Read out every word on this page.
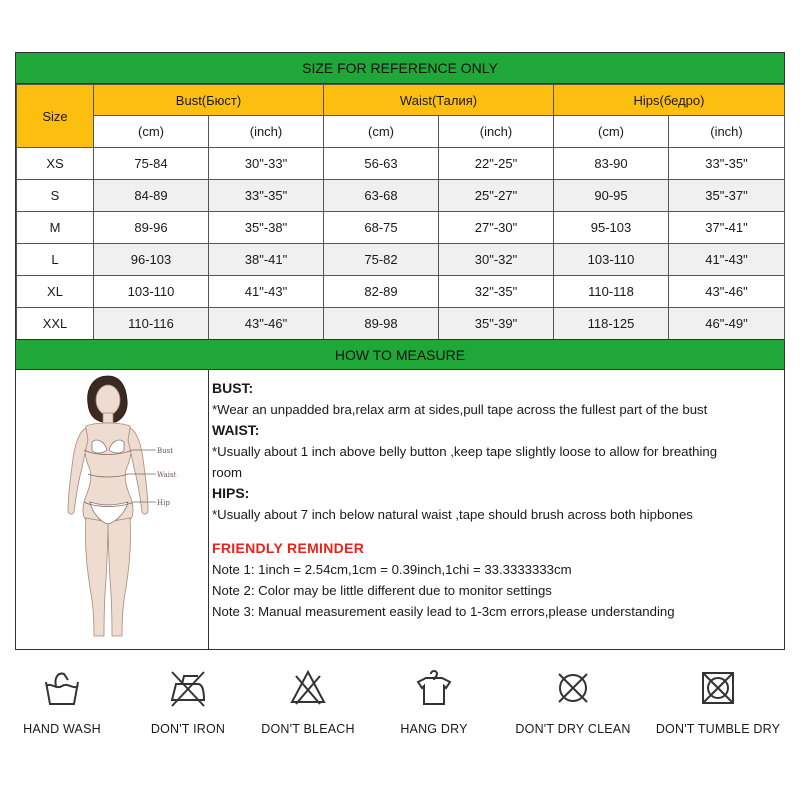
SIZE FOR REFERENCE ONLY
Size	Bust(Бюст)		Waist(Талия)		Hips(бедро)	
	(cm)	(inch)	(cm)	(inch)	(cm)	(inch)
XS	75-84	30"-33"	56-63	22"-25"	83-90	33"-35"
S	84-89	33"-35"	63-68	25"-27"	90-95	35"-37"
M	89-96	35"-38"	68-75	27"-30"	95-103	37"-41"
L	96-103	38"-41"	75-82	30"-32"	103-110	41"-43"
XL	103-110	41"-43"	82-89	32"-35"	110-118	43"-46"
XXL	110-116	43"-46"	89-98	35"-39"	118-125	46"-49"
HOW TO MEASURE
Bust
Waist
Hip
BUST:
*Wear an unpadded bra,relax arm at sides,pull tape across the fullest part of the bust
WAIST:
*Usually about 1 inch above belly button ,keep tape slightly loose to allow for breathing
room
HIPS:
*Usually about 7 inch below natural waist ,tape should brush across both hipbones
FRIENDLY REMINDER
Note 1: 1inch = 2.54cm,1cm = 0.39inch,1chi = 33.3333333cm
Note 2: Color may be little different due to monitor settings
Note 3: Manual measurement easily lead to 1-3cm errors,please understanding
HAND WASH	DON'T IRON	DON'T BLEACH	HANG DRY	DON'T DRY CLEAN	DON'T TUMBLE DRY
